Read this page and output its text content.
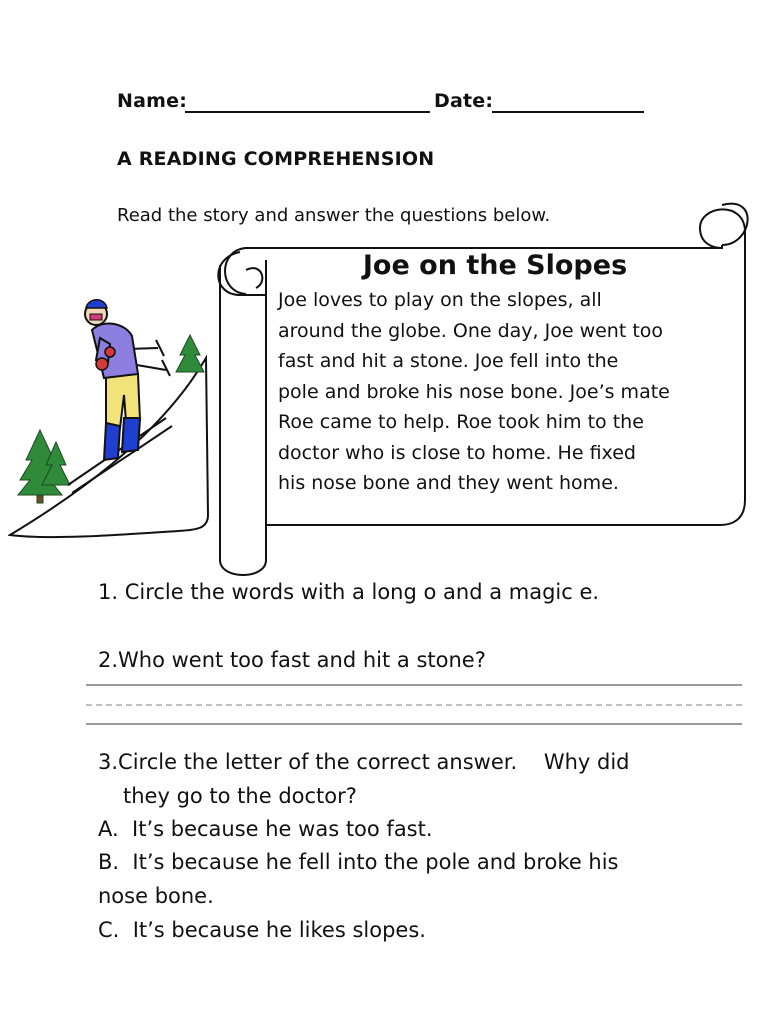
Name:	Date:
A READING COMPREHENSION
Read the story and answer the questions below.
Joe on the Slopes
Joe loves to play on the slopes, all
around the globe. One day, Joe went too
fast and hit a stone. Joe fell into the
pole and broke his nose bone. Joe’s mate
Roe came to help. Roe took him to the
doctor who is close to home. He fixed
his nose bone and they went home.
1. Circle the words with a long o and a magic e.
2.Who went too fast and hit a stone?
3.Circle the letter of the correct answer.    Why did
they go to the doctor?
A.  It’s because he was too fast.
B.  It’s because he fell into the pole and broke his
nose bone.
C.  It’s because he likes slopes.
